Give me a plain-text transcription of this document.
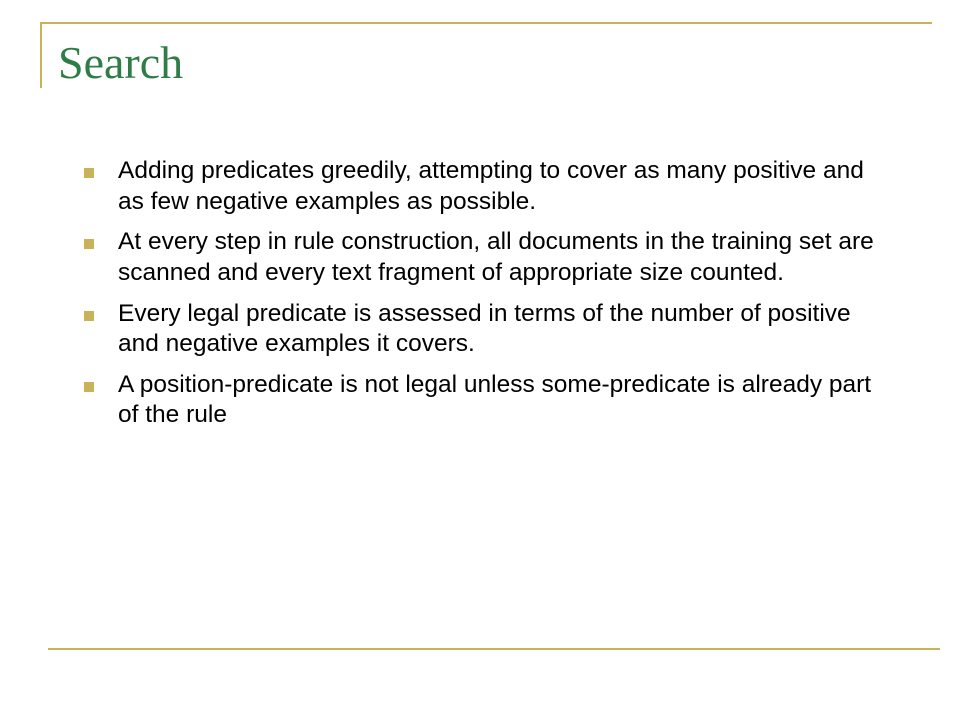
Search
Adding predicates greedily, attempting to cover as many positive and as few negative examples as possible.
At every step in rule construction, all documents in the training set are scanned and every text fragment of appropriate size counted.
Every legal predicate is assessed in terms of the number of positive and negative examples it covers.
A position-predicate is not legal unless some-predicate is already part of the rule
